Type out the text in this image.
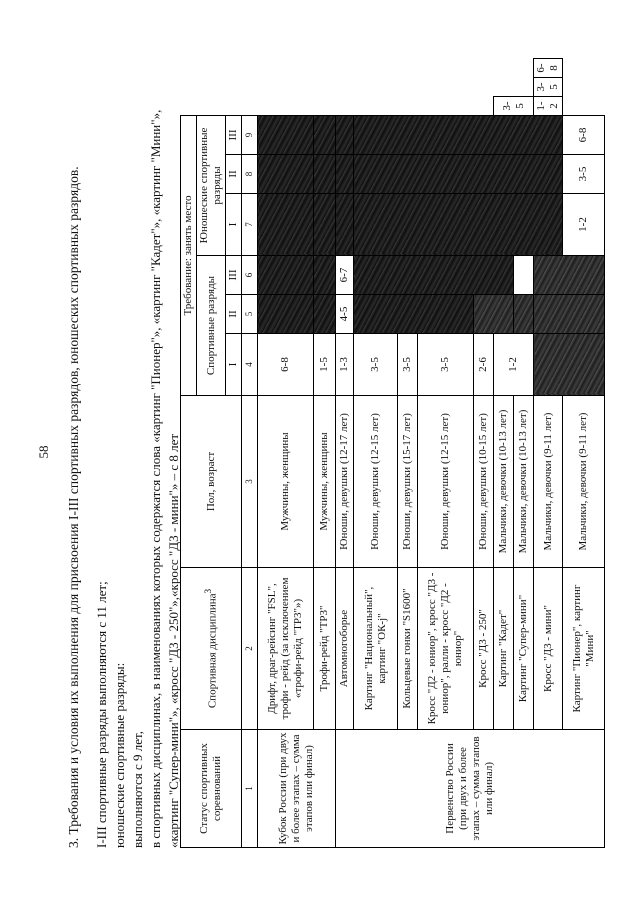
58 3. Требования и условия их выполнения для присвоения I-III спортивных разрядов, юношеских спортивных разрядов. I-III спортивные разряды выполняются с 11 лет; юношеские спортивные разряды: выполняются с 9 лет, в спортивных дисциплинах, в наименованиях которых содержатся слова «картинг "Пионер"», «картинг "Кадет"», «картинг "Мини"», «картинг "Супер-мини"», «кросс "Д3 - 250"»,«кросс "Д3 - мини"» – с 8 лет Статус спортивных соревнований	Спортивная дисциплина$^3$	Пол, возраст	Требование: занять место								
			Спортивные разряды			Юношеские спортивные разряды					
			I	II	III	I	II	III			
1	2	3	4	5	6	7	8	9			
Кубок России (при двух и более этапах – сумма этапов или финал)	Дрифт, драг-рейсинг "FSL", трофи - рейд (за исключением «трофи-рейд "ТР3"»)	Мужчины, женщины	6-8								
	Трофи-рейд "ТР3"	Мужчины, женщины	1-5								
Первенство России (при двух и более этапах – сумма этапов или финал)	Автомногоборье	Юноши, девушки (12-17 лет)	1-3	4-5	6-7						
	Картинг "Национальный", картинг "ОК-j"	Юноши, девушки (12-15 лет)	3-5								
	Кольцевые гонки "S1600"	Юноши, девушки (15-17 лет)	3-5								
	Кросс "Д2 - юниор", кросс "Д3 - юниор", ралли - кросс "Д2 - юниор"	Юноши, девушки (12-15 лет)	3-5								
	Кросс "Д3 - 250"	Юноши, девушки (10-15 лет)	2-6								
	Картинг "Кадет"	Мальчики, девочки (10-13 лет)	1-2						3-5		
	Картинг "Супер-мини"	Мальчики, девочки (10-13 лет)									
	Кросс "Д3 - мини"	Мальчики, девочки (9-11 лет)							1-2	3-5	6-8
	Картинг "Пионер", картинг "Мини"	Мальчики, девочки (9-11 лет)				1-2	3-5	6-8			
